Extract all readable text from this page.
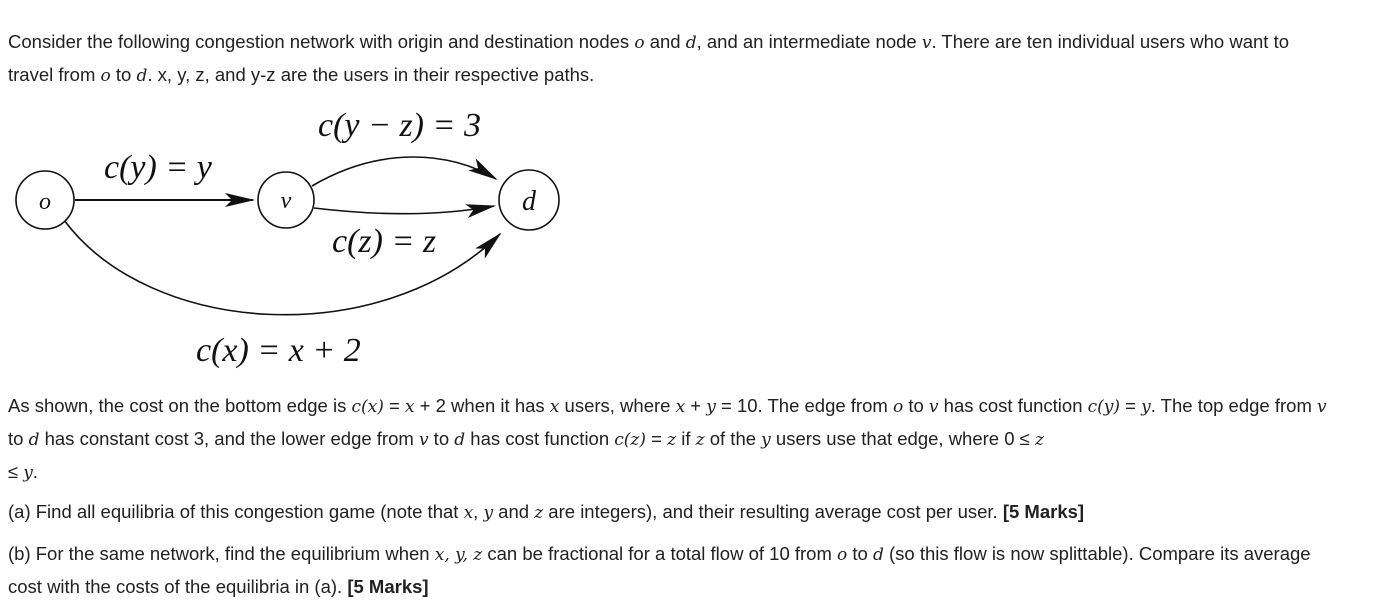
Consider the following congestion network with origin and destination nodes o and d, and an intermediate node v. There are ten individual users who want to travel from o to d. x, y, z, and y-z are the users in their respective paths.

o	v	d
c(y) = y
c(y − z) = 3
c(z) = z
c(x) = x + 2

As shown, the cost on the bottom edge is c(x) = x + 2 when it has x users, where x + y = 10. The edge from o to v has cost function c(y) = y. The top edge from v to d has constant cost 3, and the lower edge from v to d has cost function c(z) = z if z of the y users use that edge, where 0 ≤ z
≤ y.

(a) Find all equilibria of this congestion game (note that x, y and z are integers), and their resulting average cost per user. [5 Marks]

(b) For the same network, find the equilibrium when x, y, z can be fractional for a total flow of 10 from o to d (so this flow is now splittable). Compare its average cost with the costs of the equilibria in (a). [5 Marks]
